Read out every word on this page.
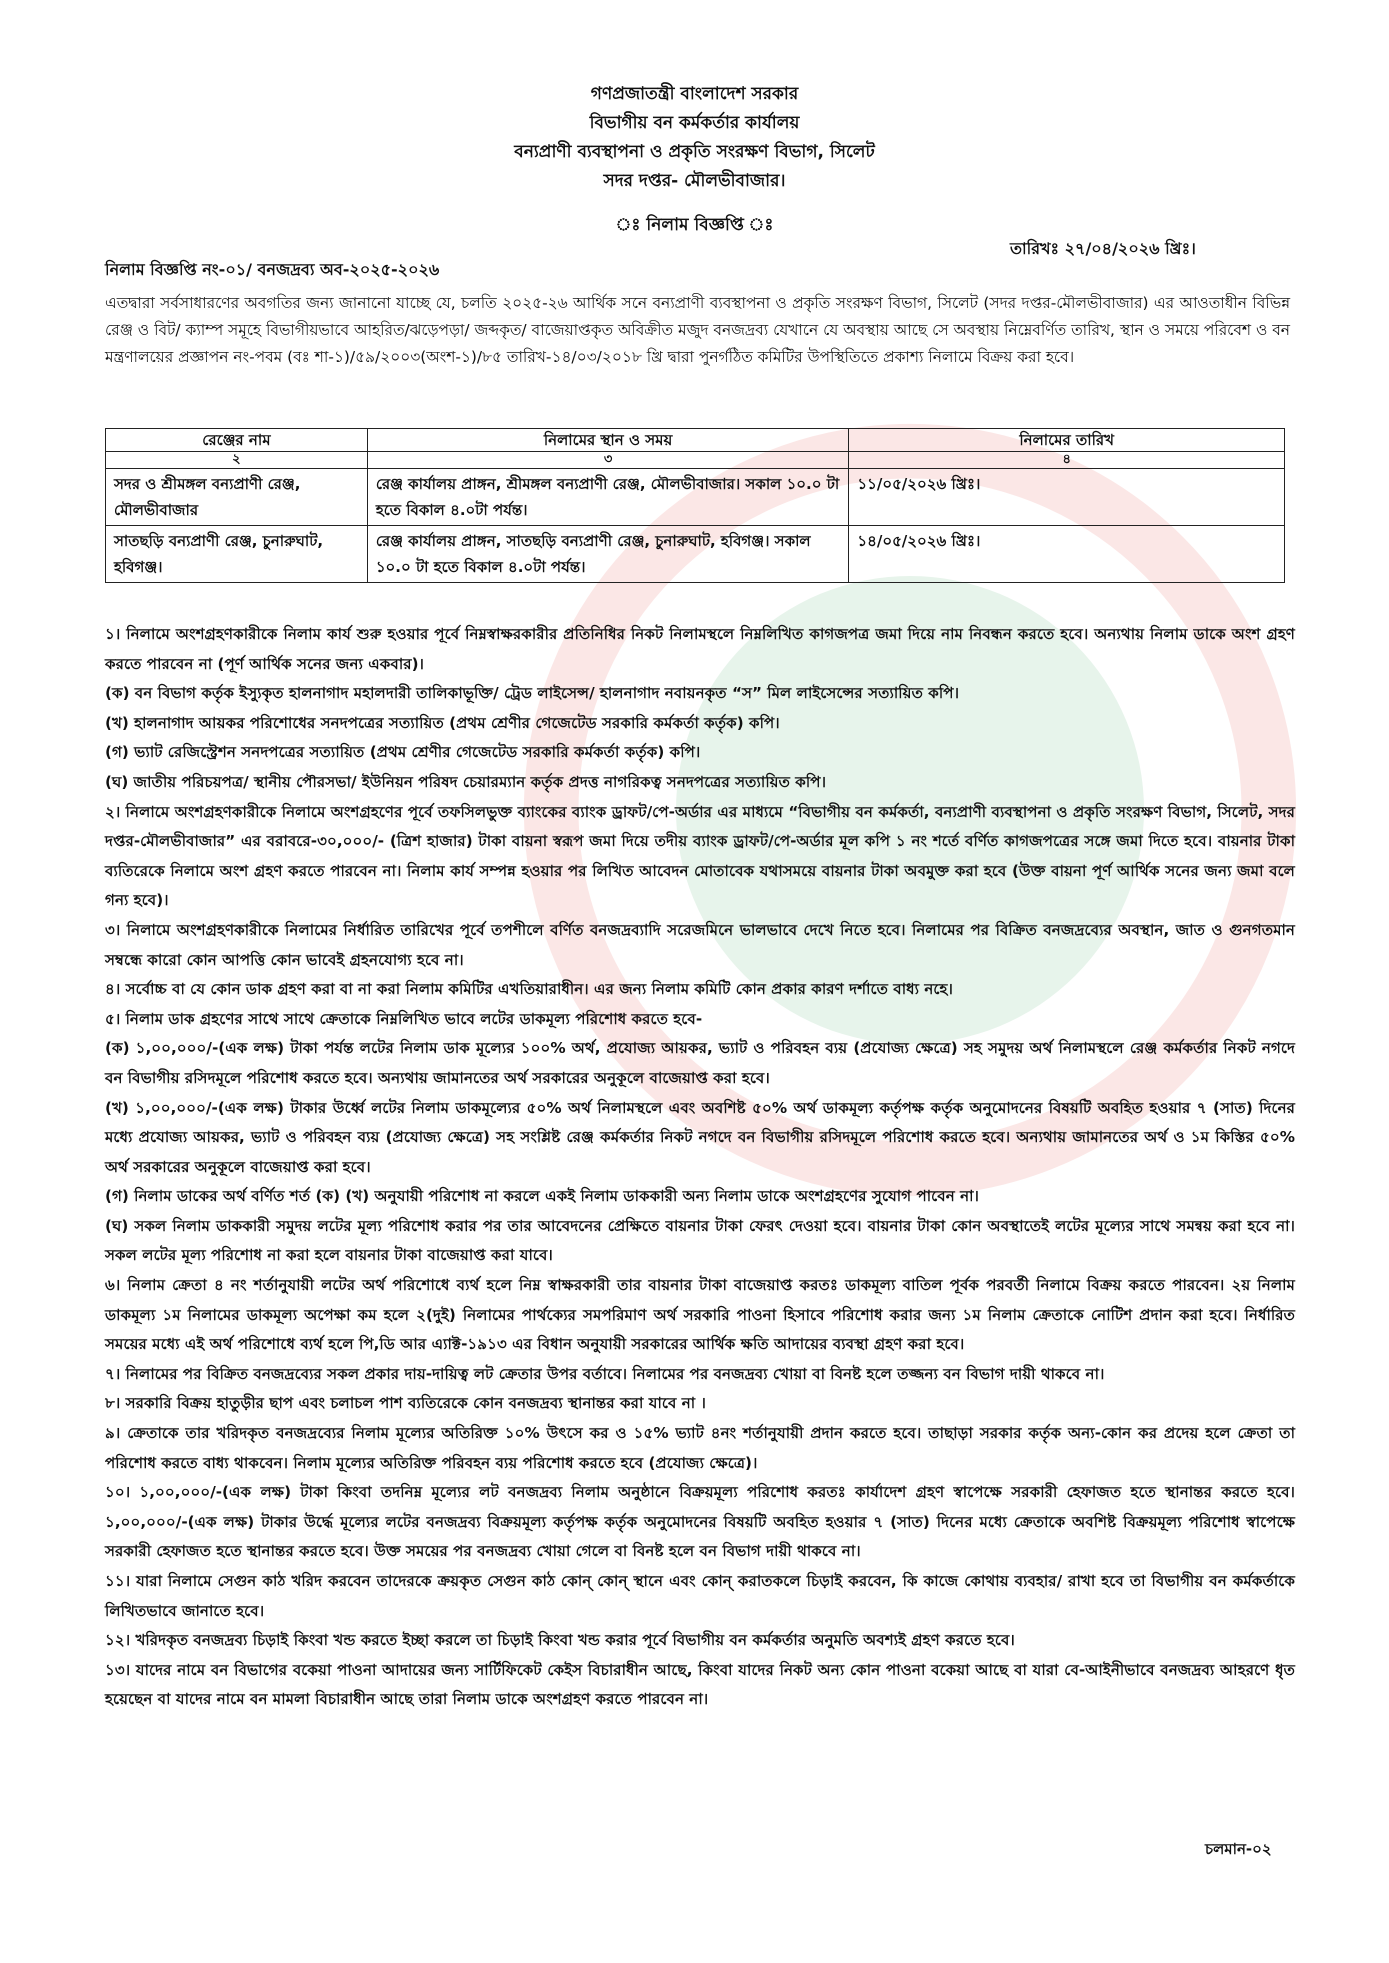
গণপ্রজাতন্ত্রী বাংলাদেশ সরকার
বিভাগীয় বন কর্মকর্তার কার্যালয়
বন্যপ্রাণী ব্যবস্থাপনা ও প্রকৃতি সংরক্ষণ বিভাগ, সিলেট
সদর দপ্তর- মৌলভীবাজার।
ঃ নিলাম বিজ্ঞপ্তি ঃ
তারিখঃ ২৭/০৪/২০২৬ খ্রিঃ।
নিলাম বিজ্ঞপ্তি নং-০১/ বনজদ্রব্য অব-২০২৫-২০২৬
এতদ্বারা সর্বসাধারণের অবগতির জন্য জানানো যাচ্ছে যে, চলতি ২০২৫-২৬ আর্থিক সনে বন্যপ্রাণী ব্যবস্থাপনা ও প্রকৃতি সংরক্ষণ বিভাগ, সিলেট (সদর দপ্তর-মৌলভীবাজার) এর আওতাধীন বিভিন্ন রেঞ্জ ও বিট/ ক্যাম্প সমূহে বিভাগীয়ভাবে আহরিত/ঝড়েপড়া/ জব্দকৃত/ বাজেয়াপ্তকৃত অবিক্রীত মজুদ বনজদ্রব্য যেখানে যে অবস্থায় আছে সে অবস্থায় নিম্নেবর্ণিত তারিখ, স্থান ও সময়ে পরিবেশ ও বন মন্ত্রণালয়ের প্রজ্ঞাপন নং-পবম (বঃ শা-১)/৫৯/২০০৩(অংশ-১)/৮৫ তারিখ-১৪/০৩/২০১৮ খ্রি দ্বারা পুনর্গঠিত কমিটির উপস্থিতিতে প্রকাশ্য নিলামে বিক্রয় করা হবে।
রেঞ্জের নাম	নিলামের স্থান ও সময়	নিলামের তারিখ
২	৩	৪
সদর ও শ্রীমঙ্গল বন্যপ্রাণী রেঞ্জ, মৌলভীবাজার	রেঞ্জ কার্যালয় প্রাঙ্গন, শ্রীমঙ্গল বন্যপ্রাণী রেঞ্জ, মৌলভীবাজার। সকাল ১০.০ টা হতে বিকাল ৪.০টা পর্যন্ত।	১১/০৫/২০২৬ খ্রিঃ।
সাতছড়ি বন্যপ্রাণী রেঞ্জ, চুনারুঘাট, হবিগঞ্জ।	রেঞ্জ কার্যালয় প্রাঙ্গন, সাতছড়ি বন্যপ্রাণী রেঞ্জ, চুনারুঘাট, হবিগঞ্জ। সকাল ১০.০ টা হতে বিকাল ৪.০টা পর্যন্ত।	১৪/০৫/২০২৬ খ্রিঃ।

১। নিলামে অংশগ্রহণকারীকে নিলাম কার্য শুরু হওয়ার পূর্বে নিম্নস্বাক্ষরকারীর প্রতিনিধির নিকট নিলামস্থলে নিম্নলিখিত কাগজপত্র জমা দিয়ে নাম নিবন্ধন করতে হবে। অন্যথায় নিলাম ডাকে অংশ গ্রহণ করতে পারবেন না (পূর্ণ আর্থিক সনের জন্য একবার)।

(ক) বন বিভাগ কর্তৃক ইস্যুকৃত হালনাগাদ মহালদারী তালিকাভূক্তি/ ট্রেড লাইসেন্স/ হালনাগাদ নবায়নকৃত “স” মিল লাইসেন্সের সত্যায়িত কপি।

(খ) হালনাগাদ আয়কর পরিশোধের সনদপত্রের সত্যায়িত (প্রথম শ্রেণীর গেজেটেড সরকারি কর্মকর্তা কর্তৃক) কপি।

(গ) ভ্যাট রেজিস্ট্রেশন সনদপত্রের সত্যায়িত (প্রথম শ্রেণীর গেজেটেড সরকারি কর্মকর্তা কর্তৃক) কপি।

(ঘ) জাতীয় পরিচয়পত্র/ স্থানীয় পৌরসভা/ ইউনিয়ন পরিষদ চেয়ারম্যান কর্তৃক প্রদত্ত নাগরিকত্ব সনদপত্রের সত্যায়িত কপি।

২। নিলামে অংশগ্রহণকারীকে নিলামে অংশগ্রহণের পূর্বে তফসিলভুক্ত ব্যাংকের ব্যাংক ড্রাফট/পে-অর্ডার এর মাধ্যমে “বিভাগীয় বন কর্মকর্তা, বন্যপ্রাণী ব্যবস্থাপনা ও প্রকৃতি সংরক্ষণ বিভাগ, সিলেট, সদর দপ্তর-মৌলভীবাজার” এর বরাবরে-৩০,০০০/- (ত্রিশ হাজার) টাকা বায়না স্বরূপ জমা দিয়ে তদীয় ব্যাংক ড্রাফট/পে-অর্ডার মূল কপি ১ নং শর্তে বর্ণিত কাগজপত্রের সঙ্গে জমা দিতে হবে। বায়নার টাকা ব্যতিরেকে নিলামে অংশ গ্রহণ করতে পারবেন না। নিলাম কার্য সম্পন্ন হওয়ার পর লিখিত আবেদন মোতাবেক যথাসময়ে বায়নার টাকা অবমুক্ত করা হবে (উক্ত বায়না পূর্ণ আর্থিক সনের জন্য জমা বলে গন্য হবে)।

৩। নিলামে অংশগ্রহণকারীকে নিলামের নির্ধারিত তারিখের পূর্বে তপশীলে বর্ণিত বনজদ্রব্যাদি সরেজমিনে ভালভাবে দেখে নিতে হবে। নিলামের পর বিক্রিত বনজদ্রব্যের অবস্থান, জাত ও গুনগতমান সম্বন্ধে কারো কোন আপত্তি কোন ভাবেই গ্রহনযোগ্য হবে না।

৪। সর্বোচ্চ বা যে কোন ডাক গ্রহণ করা বা না করা নিলাম কমিটির এখতিয়ারাধীন। এর জন্য নিলাম কমিটি কোন প্রকার কারণ দর্শাতে বাধ্য নহে।

৫। নিলাম ডাক গ্রহণের সাথে সাথে ক্রেতাকে নিম্নলিখিত ভাবে লটের ডাকমূল্য পরিশোধ করতে হবে-

(ক) ১,০০,০০০/-(এক লক্ষ) টাকা পর্যন্ত লটের নিলাম ডাক মূল্যের ১০০% অর্থ, প্রযোজ্য আয়কর, ভ্যাট ও পরিবহন ব্যয় (প্রযোজ্য ক্ষেত্রে) সহ সমুদয় অর্থ নিলামস্থলে রেঞ্জ কর্মকর্তার নিকট নগদে বন বিভাগীয় রসিদমূলে পরিশোধ করতে হবে। অন্যথায় জামানতের অর্থ সরকারের অনুকূলে বাজেয়াপ্ত করা হবে।

(খ) ১,০০,০০০/-(এক লক্ষ) টাকার উর্ধ্বে লটের নিলাম ডাকমূল্যের ৫০% অর্থ নিলামস্থলে এবং অবশিষ্ট ৫০% অর্থ ডাকমূল্য কর্তৃপক্ষ কর্তৃক অনুমোদনের বিষয়টি অবহিত হওয়ার ৭ (সাত) দিনের মধ্যে প্রযোজ্য আয়কর, ভ্যাট ও পরিবহন ব্যয় (প্রযোজ্য ক্ষেত্রে) সহ সংশ্লিষ্ট রেঞ্জ কর্মকর্তার নিকট নগদে বন বিভাগীয় রসিদমূলে পরিশোধ করতে হবে। অন্যথায় জামানতের অর্থ ও ১ম কিস্তির ৫০% অর্থ সরকারের অনুকূলে বাজেয়াপ্ত করা হবে।

(গ) নিলাম ডাকের অর্থ বর্ণিত শর্ত (ক) (খ) অনুযায়ী পরিশোধ না করলে একই নিলাম ডাককারী অন্য নিলাম ডাকে অংশগ্রহণের সুযোগ পাবেন না।

(ঘ) সকল নিলাম ডাককারী সমুদয় লটের মূল্য পরিশোধ করার পর তার আবেদনের প্রেক্ষিতে বায়নার টাকা ফেরৎ দেওয়া হবে। বায়নার টাকা কোন অবস্থাতেই লটের মূল্যের সাথে সমন্বয় করা হবে না। সকল লটের মূল্য পরিশোধ না করা হলে বায়নার টাকা বাজেয়াপ্ত করা যাবে।

৬। নিলাম ক্রেতা ৪ নং শর্তানুযায়ী লটের অর্থ পরিশোধে ব্যর্থ হলে নিম্ন স্বাক্ষরকারী তার বায়নার টাকা বাজেয়াপ্ত করতঃ ডাকমূল্য বাতিল পূর্বক পরবর্তী নিলামে বিক্রয় করতে পারবেন। ২য় নিলাম ডাকমূল্য ১ম নিলামের ডাকমূল্য অপেক্ষা কম হলে ২(দুই) নিলামের পার্থক্যের সমপরিমাণ অর্থ সরকারি পাওনা হিসাবে পরিশোধ করার জন্য ১ম নিলাম ক্রেতাকে নোটিশ প্রদান করা হবে। নির্ধারিত সময়ের মধ্যে এই অর্থ পরিশোধে ব্যর্থ হলে পি,ডি আর এ্যাক্ট-১৯১৩ এর বিধান অনুযায়ী সরকারের আর্থিক ক্ষতি আদায়ের ব্যবস্থা গ্রহণ করা হবে।

৭। নিলামের পর বিক্রিত বনজদ্রব্যের সকল প্রকার দায়-দায়িত্ব লট ক্রেতার উপর বর্তাবে। নিলামের পর বনজদ্রব্য খোয়া বা বিনষ্ট হলে তজ্জন্য বন বিভাগ দায়ী থাকবে না।

৮। সরকারি বিক্রয় হাতুড়ীর ছাপ এবং চলাচল পাশ ব্যতিরেকে কোন বনজদ্রব্য স্থানান্তর করা যাবে না ।

৯। ক্রেতাকে তার খরিদকৃত বনজদ্রব্যের নিলাম মূল্যের অতিরিক্ত ১০% উৎসে কর ও ১৫% ভ্যাট ৪নং শর্তানুযায়ী প্রদান করতে হবে। তাছাড়া সরকার কর্তৃক অন্য-কোন কর প্রদেয় হলে ক্রেতা তা পরিশোধ করতে বাধ্য থাকবেন। নিলাম মূল্যের অতিরিক্ত পরিবহন ব্যয় পরিশোধ করতে হবে (প্রযোজ্য ক্ষেত্রে)।

১০। ১,০০,০০০/-(এক লক্ষ) টাকা কিংবা তদনিম্ন মূল্যের লট বনজদ্রব্য নিলাম অনুষ্ঠানে বিক্রয়মূল্য পরিশোধ করতঃ কার্যাদেশ গ্রহণ স্বাপেক্ষে সরকারী হেফাজত হতে স্থানান্তর করতে হবে। ১,০০,০০০/-(এক লক্ষ) টাকার উর্দ্ধে মূল্যের লটের বনজদ্রব্য বিক্রয়মূল্য কর্তৃপক্ষ কর্তৃক অনুমোদনের বিষয়টি অবহিত হওয়ার ৭ (সাত) দিনের মধ্যে ক্রেতাকে অবশিষ্ট বিক্রয়মূল্য পরিশোধ স্বাপেক্ষে সরকারী হেফাজত হতে স্থানান্তর করতে হবে। উক্ত সময়ের পর বনজদ্রব্য খোয়া গেলে বা বিনষ্ট হলে বন বিভাগ দায়ী থাকবে না।

১১। যারা নিলামে সেগুন কাঠ খরিদ করবেন তাদেরকে ক্রয়কৃত সেগুন কাঠ কোন্ কোন্ স্থানে এবং কোন্ করাতকলে চিড়াই করবেন, কি কাজে কোথায় ব্যবহার/ রাখা হবে তা বিভাগীয় বন কর্মকর্তাকে লিখিতভাবে জানাতে হবে।

১২। খরিদকৃত বনজদ্রব্য চিড়াই কিংবা খন্ড করতে ইচ্ছা করলে তা চিড়াই কিংবা খন্ড করার পূর্বে বিভাগীয় বন কর্মকর্তার অনুমতি অবশ্যই গ্রহণ করতে হবে।

১৩। যাদের নামে বন বিভাগের বকেয়া পাওনা আদায়ের জন্য সার্টিফিকেট কেইস বিচারাধীন আছে, কিংবা যাদের নিকট অন্য কোন পাওনা বকেয়া আছে বা যারা বে-আইনীভাবে বনজদ্রব্য আহরণে ধৃত হয়েছেন বা যাদের নামে বন মামলা বিচারাধীন আছে তারা নিলাম ডাকে অংশগ্রহণ করতে পারবেন না।

চলমান-০২
